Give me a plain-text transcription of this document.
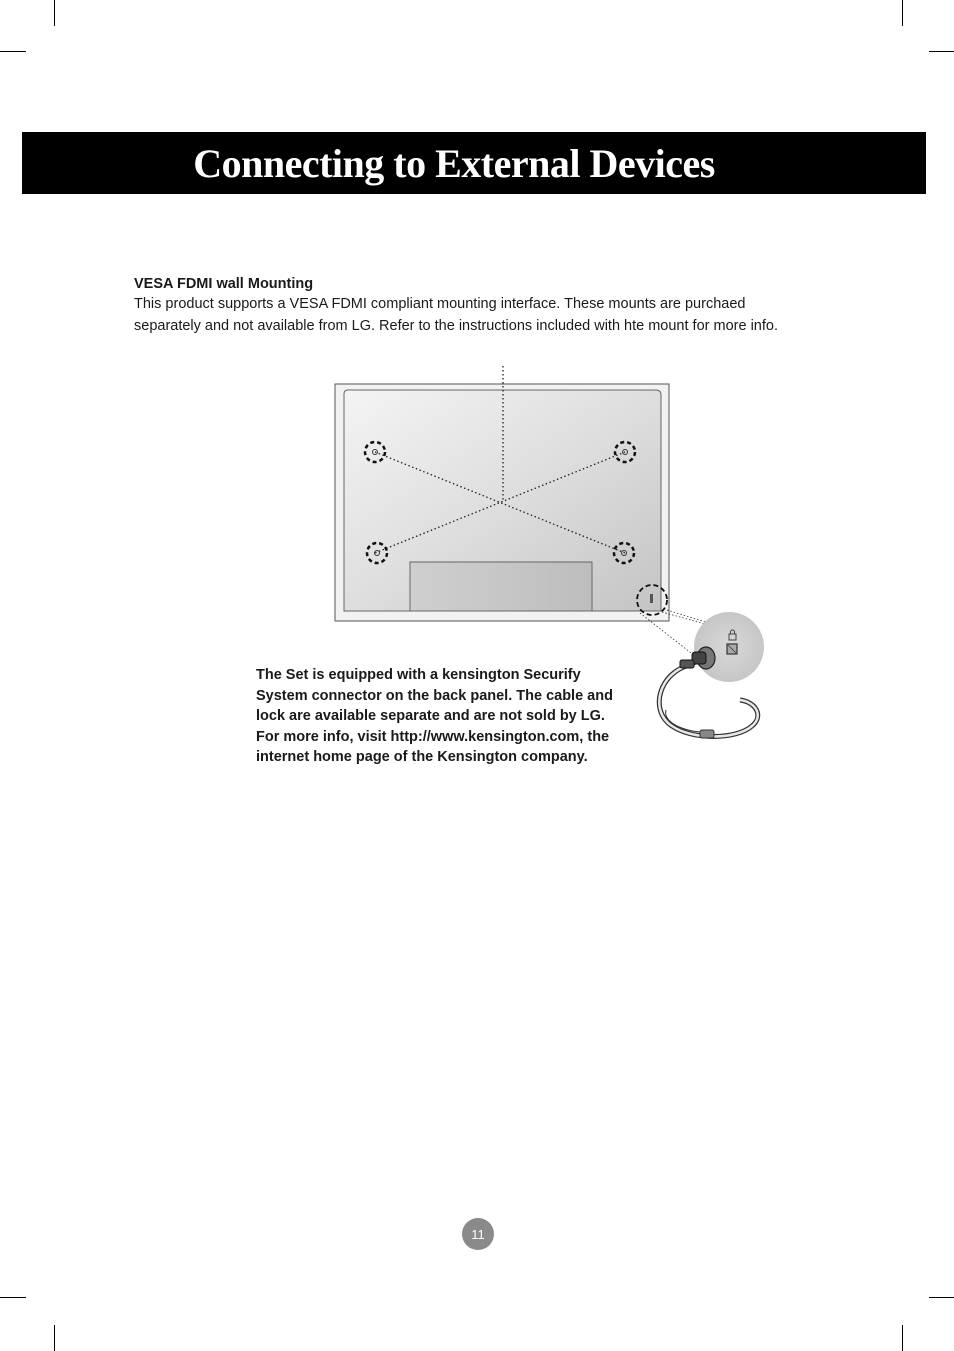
Connecting to External Devices
VESA FDMI wall Mounting

This product supports a VESA FDMI compliant mounting interface. These mounts are purchaed
separately and not available from LG. Refer to the instructions included with hte mount for more info.

The Set is equipped with a kensington Securify
System connector on the back panel. The cable and
lock are available separate and are not sold by LG.
For more info, visit http://www.kensington.com, the
internet home page of the Kensington company.

11
